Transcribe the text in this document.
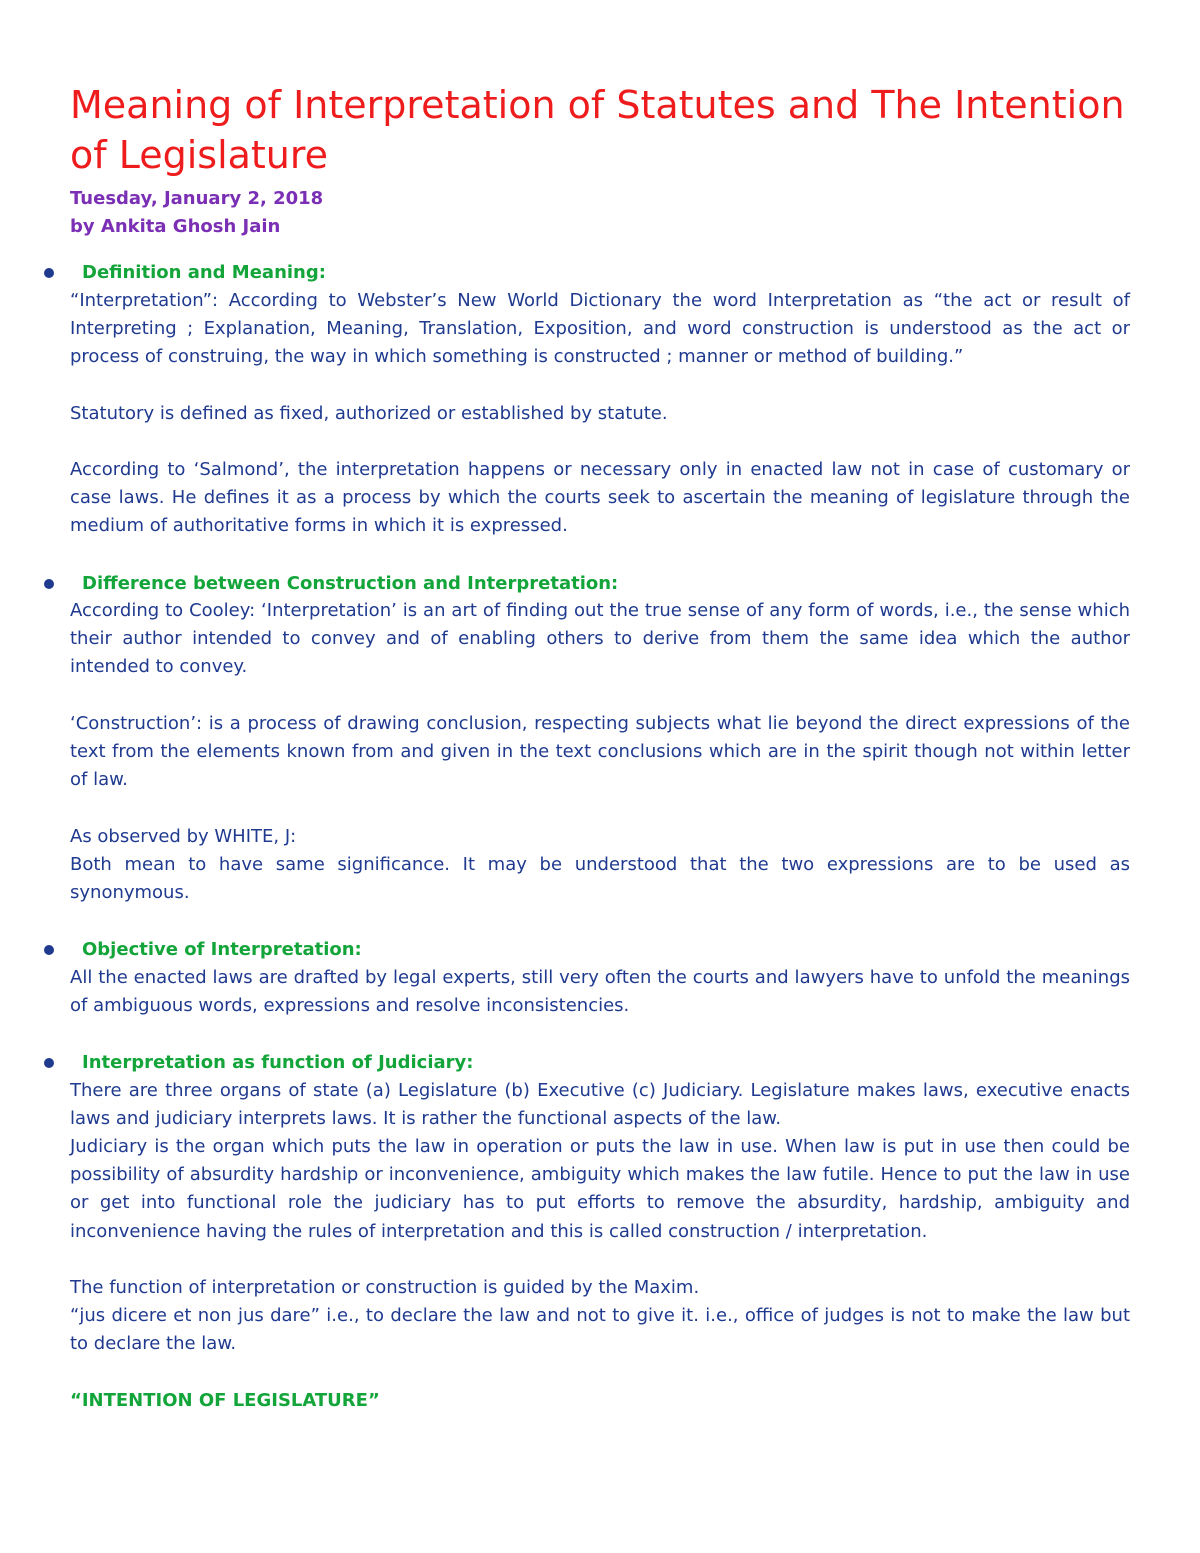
Meaning of Interpretation of Statutes and The Intention of Legislature
Tuesday, January 2, 2018
by Ankita Ghosh Jain
Definition and Meaning:

“Interpretation”: According to Webster’s New World Dictionary the word Interpretation as “the act or result of Interpreting ; Explanation, Meaning, Translation, Exposition, and word construction is understood as the act or process of construing, the way in which something is constructed ; manner or method of building.”

Statutory is defined as fixed, authorized or established by statute.

According to ‘Salmond’, the interpretation happens or necessary only in enacted law not in case of customary or case laws. He defines it as a process by which the courts seek to ascertain the meaning of legislature through the medium of authoritative forms in which it is expressed.

Difference between Construction and Interpretation:

According to Cooley: ‘Interpretation’ is an art of finding out the true sense of any form of words, i.e., the sense which their author intended to convey and of enabling others to derive from them the same idea which the author intended to convey.

‘Construction’: is a process of drawing conclusion, respecting subjects what lie beyond the direct expressions of the text from the elements known from and given in the text conclusions which are in the spirit though not within letter of law.

As observed by WHITE, J:

Both mean to have same significance. It may be understood that the two expressions are to be used as synonymous.

Objective of Interpretation:

All the enacted laws are drafted by legal experts, still very often the courts and lawyers have to unfold the meanings of ambiguous words, expressions and resolve inconsistencies.

Interpretation as function of Judiciary:

There are three organs of state (a) Legislature (b) Executive (c) Judiciary. Legislature makes laws, executive enacts laws and judiciary interprets laws. It is rather the functional aspects of the law.

Judiciary is the organ which puts the law in operation or puts the law in use. When law is put in use then could be possibility of absurdity hardship or inconvenience, ambiguity which makes the law futile. Hence to put the law in use or get into functional role the judiciary has to put efforts to remove the absurdity, hardship, ambiguity and inconvenience having the rules of interpretation and this is called construction / interpretation.

The function of interpretation or construction is guided by the Maxim.

“jus dicere et non jus dare” i.e., to declare the law and not to give it. i.e., office of judges is not to make the law but to declare the law.

“INTENTION OF LEGISLATURE”
